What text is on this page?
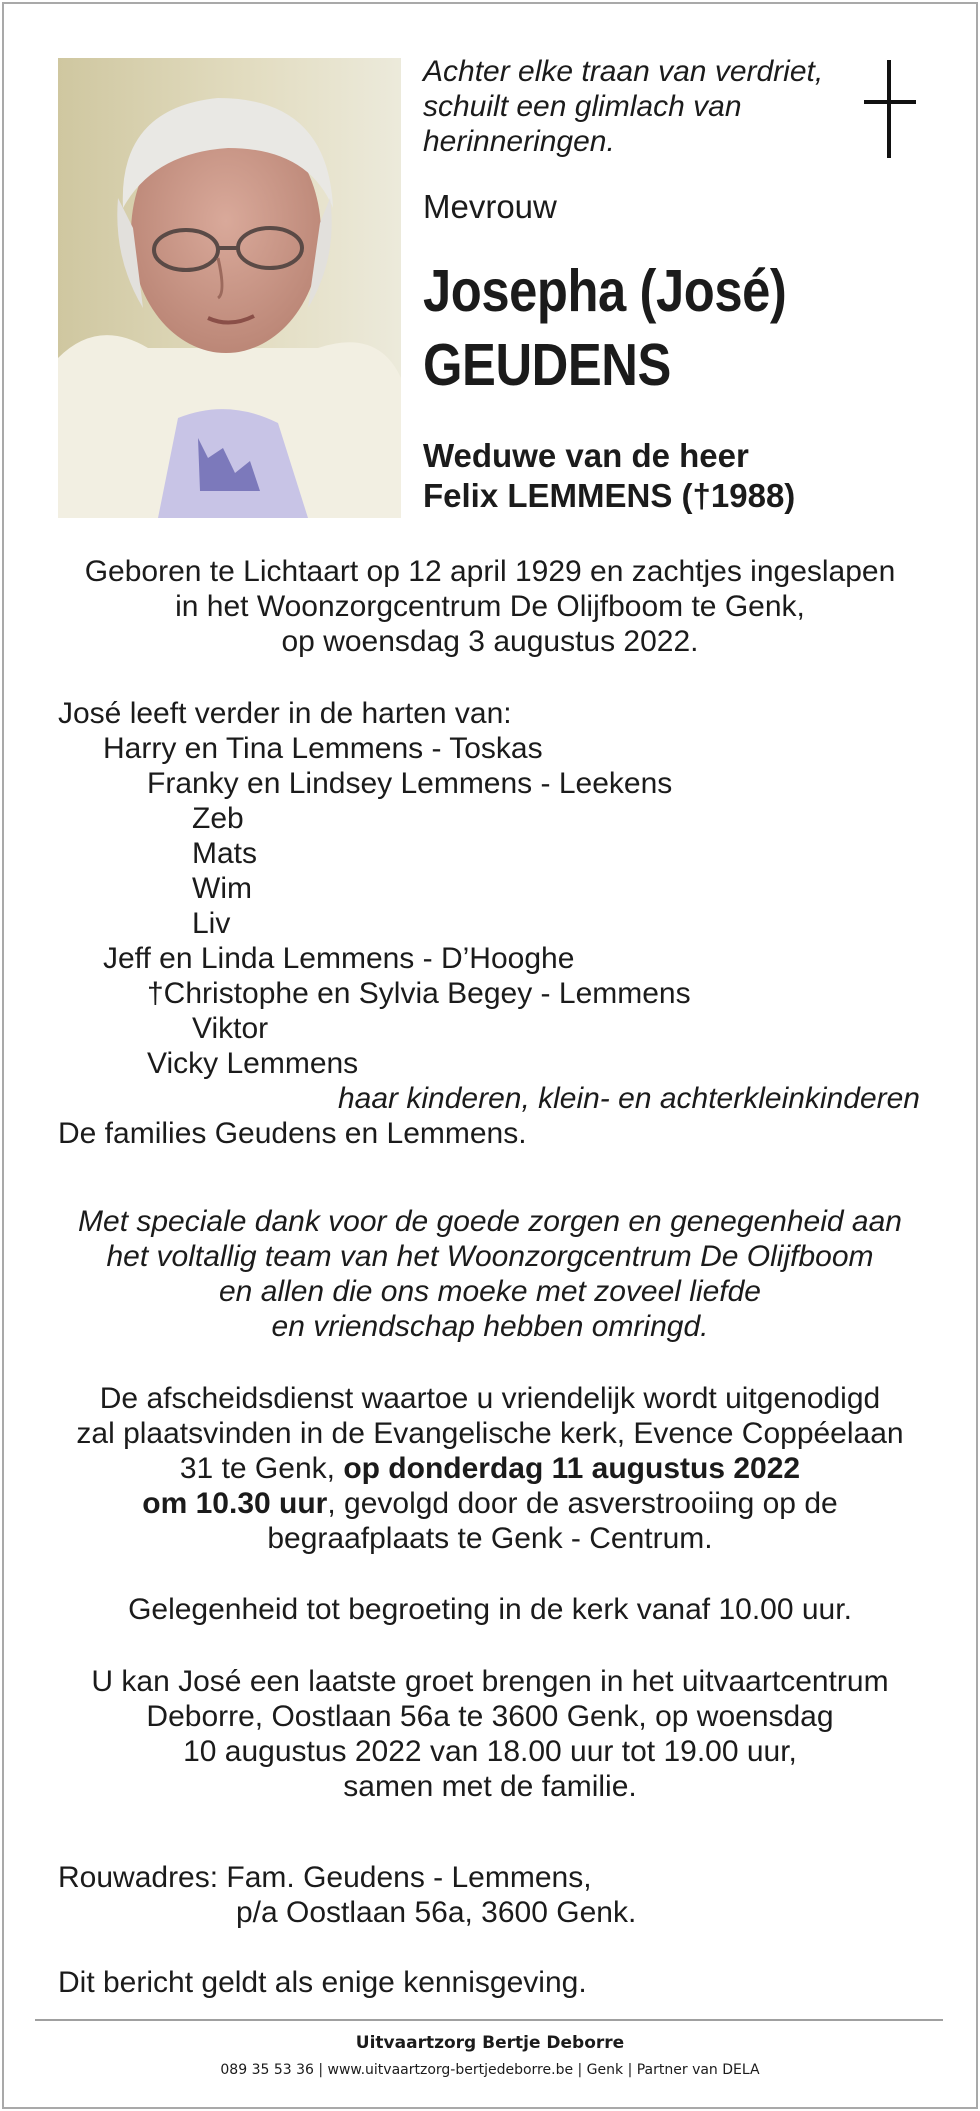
Achter elke traan van verdriet,
schuilt een glimlach van
herinneringen.
Mevrouw
Josepha (José)
GEUDENS
Weduwe van de heer
Felix LEMMENS (†1988)
Geboren te Lichtaart op 12 april 1929 en zachtjes ingeslapen
in het Woonzorgcentrum De Olijfboom te Genk,
op woensdag 3 augustus 2022.
José leeft verder in de harten van:
Harry en Tina Lemmens - Toskas
Franky en Lindsey Lemmens - Leekens
Zeb
Mats
Wim
Liv
Jeff en Linda Lemmens - D’Hooghe
†Christophe en Sylvia Begey - Lemmens
Viktor
Vicky Lemmens
haar kinderen, klein- en achterkleinkinderen
De families Geudens en Lemmens.
Met speciale dank voor de goede zorgen en genegenheid aan
het voltallig team van het Woonzorgcentrum De Olijfboom
en allen die ons moeke met zoveel liefde
en vriendschap hebben omringd.
De afscheidsdienst waartoe u vriendelijk wordt uitgenodigd
zal plaatsvinden in de Evangelische kerk, Evence Coppéelaan
31 te Genk, op donderdag 11 augustus 2022
om 10.30 uur, gevolgd door de asverstrooiing op de
begraafplaats te Genk - Centrum.
Gelegenheid tot begroeting in de kerk vanaf 10.00 uur.
U kan José een laatste groet brengen in het uitvaartcentrum
Deborre, Oostlaan 56a te 3600 Genk, op woensdag
10 augustus 2022 van 18.00 uur tot 19.00 uur,
samen met de familie.
Rouwadres: Fam. Geudens - Lemmens,
p/a Oostlaan 56a, 3600 Genk.
Dit bericht geldt als enige kennisgeving.
Uitvaartzorg Bertje Deborre
089 35 53 36 | www.uitvaartzorg-bertjedeborre.be | Genk | Partner van DELA
